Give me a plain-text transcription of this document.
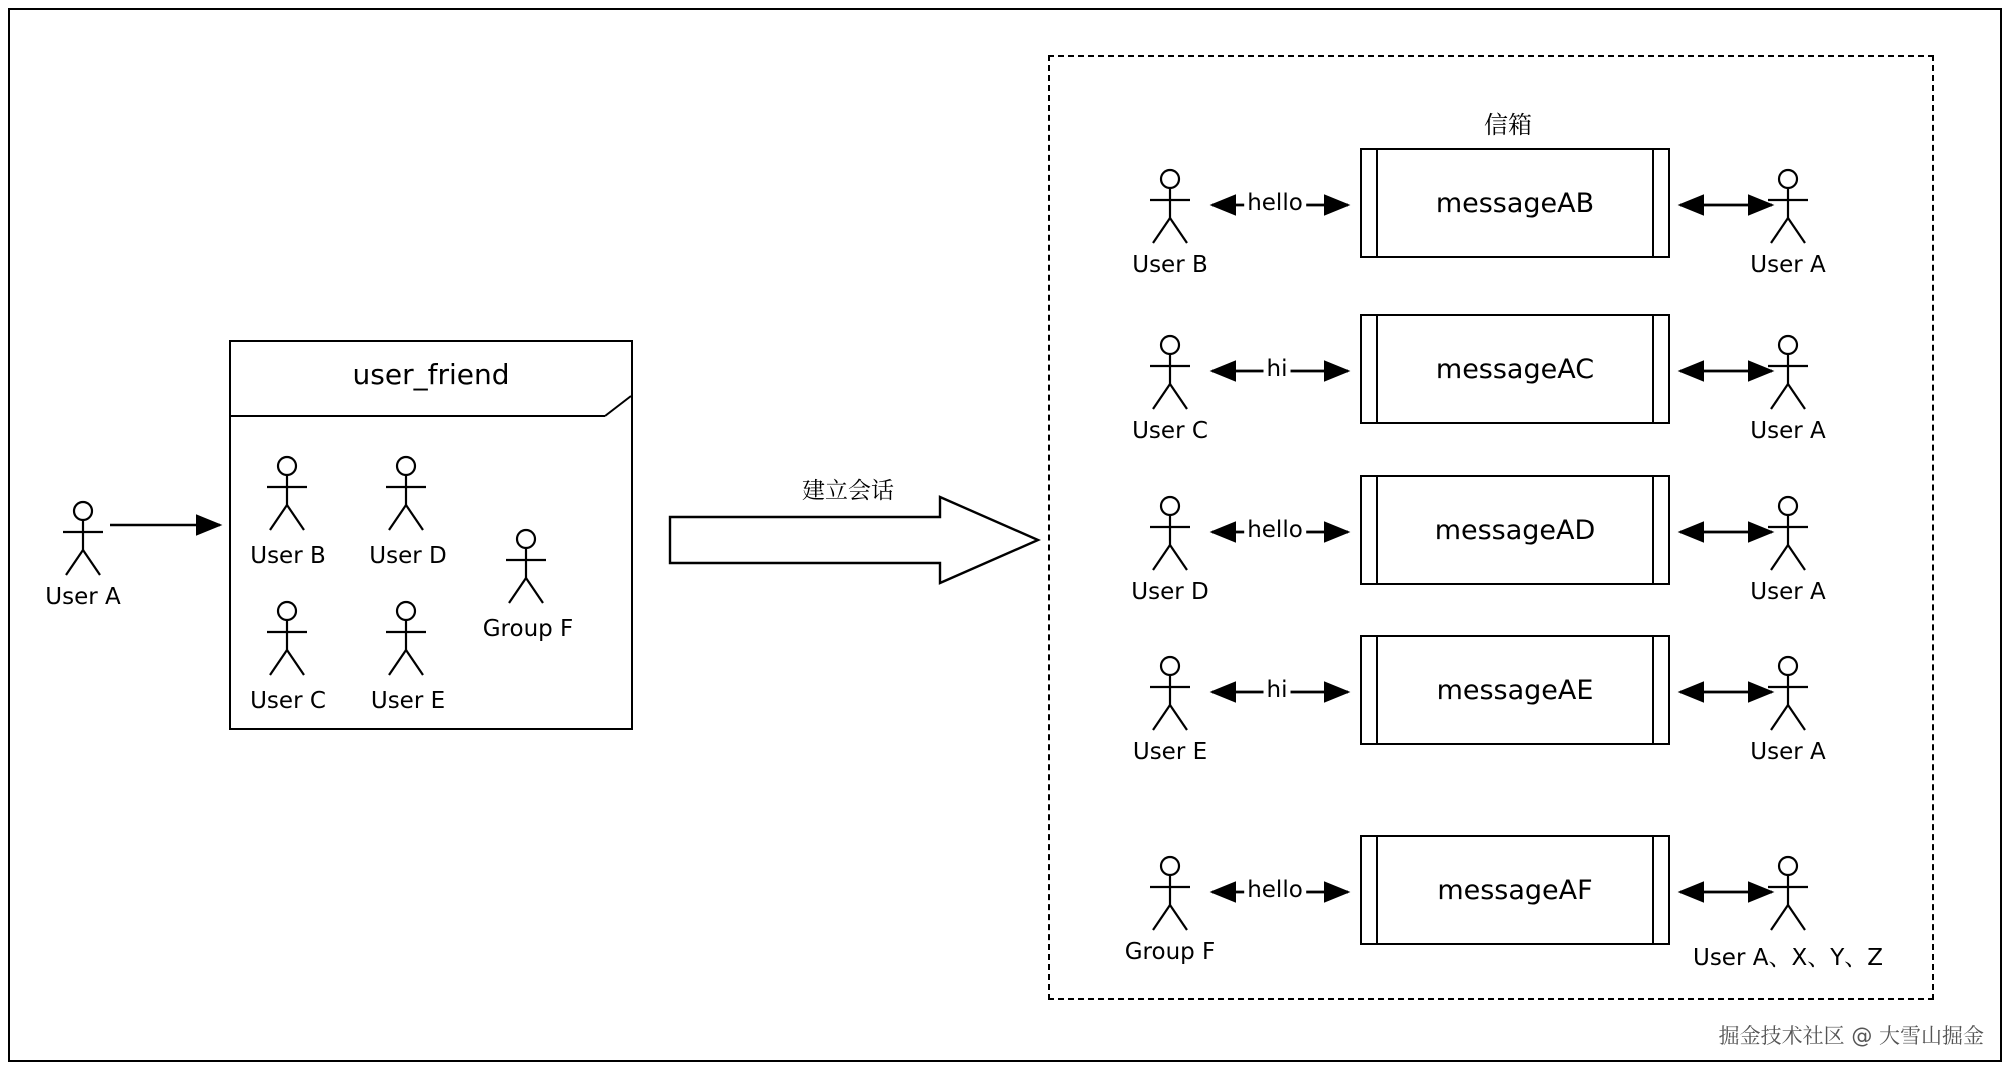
User A
user_friend
User B User D
User C User E
Group F
建立会话
信箱
User B
hello	messageAB
User A
User C
hi	messageAC
User A
User D
hello	messageAD
User A
User E
hi	messageAE
User A
Group F
hello	messageAF
User A、X、Y、Z
掘金技术社区 @ 大雪山掘金
